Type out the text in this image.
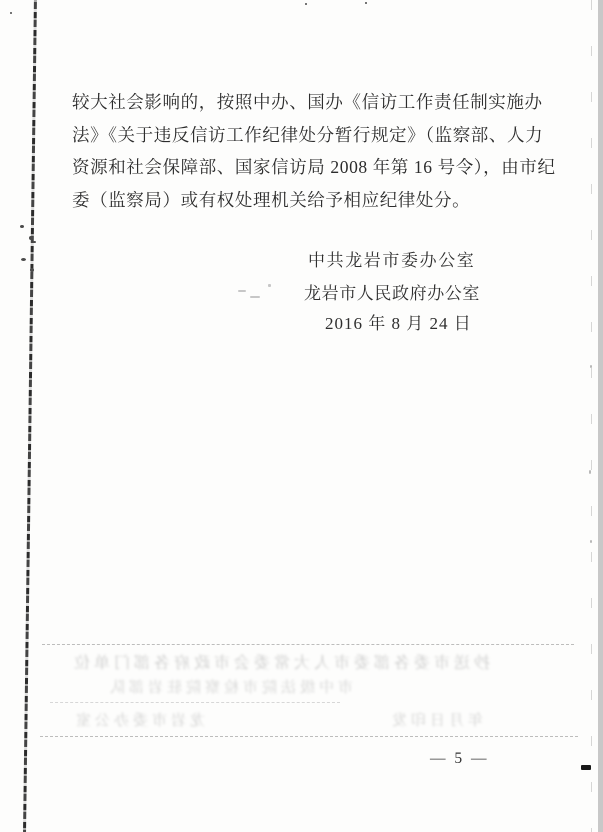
较大社会影响的，按照中办、国办《信访工作责任制实施办
法》《关于违反信访工作纪律处分暂行规定》（监察部、人力
资源和社会保障部、国家信访局 2008 年第 16 号令），由市纪
委（监察局）或有权处理机关给予相应纪律处分。
中共龙岩市委办公室
龙岩市人民政府办公室
2016 年 8 月 24 日
抄送市委各部委市人大常委会市政府各部门单位
市中级法院市检察院驻岩部队
龙岩市委办公室	年月日印发
— 5 —
